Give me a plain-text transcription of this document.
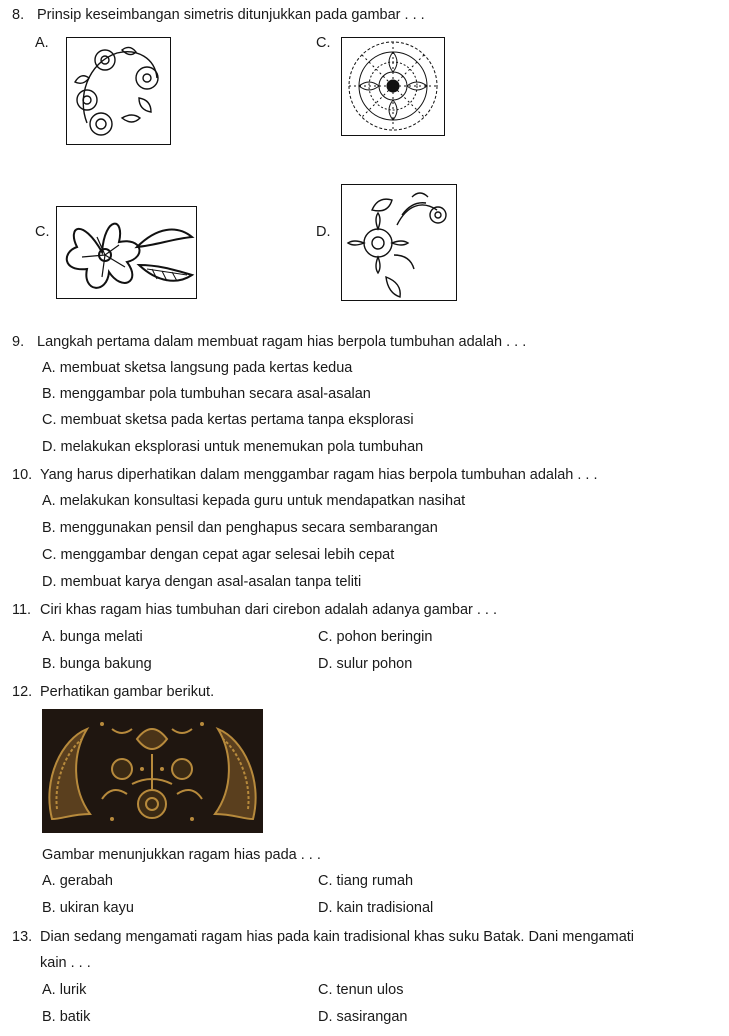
8. Prinsip keseimbangan simetris ditunjukkan pada gambar . . .
A.	C.
C.	D.
9. Langkah pertama dalam membuat ragam hias berpola tumbuhan adalah . . .
A. membuat sketsa langsung pada kertas kedua
B. menggambar pola tumbuhan secara asal-asalan
C. membuat sketsa pada kertas pertama tanpa eksplorasi
D. melakukan eksplorasi untuk menemukan pola tumbuhan
10. Yang harus diperhatikan dalam menggambar ragam hias berpola tumbuhan adalah . . .
A. melakukan konsultasi kepada guru untuk mendapatkan nasihat
B. menggunakan pensil dan penghapus secara sembarangan
C. menggambar dengan cepat agar selesai lebih cepat
D. membuat karya dengan asal-asalan tanpa teliti
11. Ciri khas ragam hias tumbuhan dari cirebon adalah adanya gambar . . .
A. bunga melati	C. pohon beringin
B. bunga bakung	D. sulur pohon
12. Perhatikan gambar berikut.
Gambar menunjukkan ragam hias pada . . .
A. gerabah	C. tiang rumah
B. ukiran kayu	D. kain tradisional
13. Dian sedang mengamati ragam hias pada kain tradisional khas suku Batak. Dani mengamati
kain . . .
A. lurik	C. tenun ulos
B. batik	D. sasirangan
